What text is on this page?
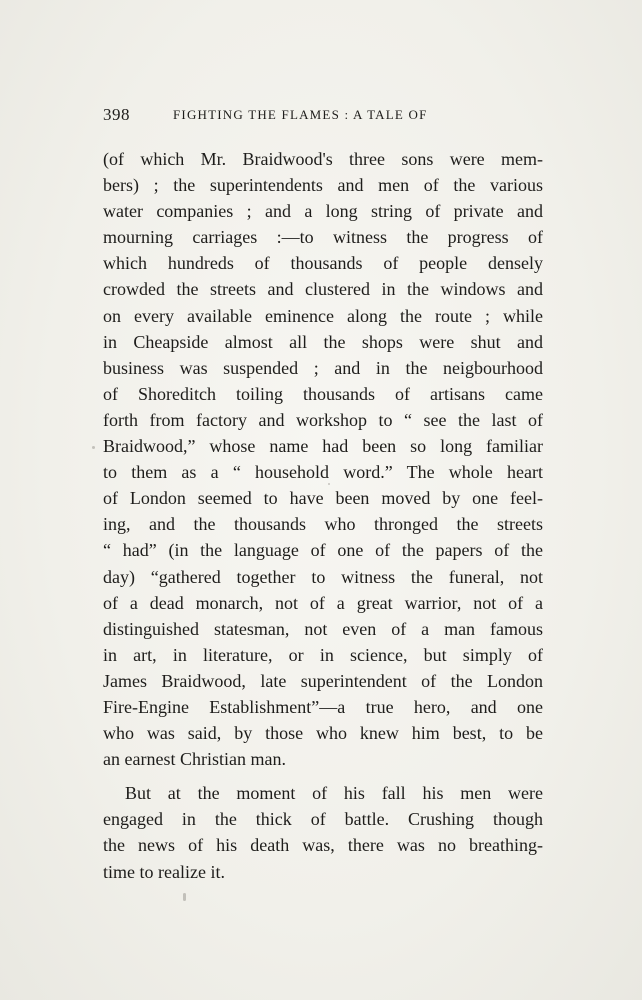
398	FIGHTING THE FLAMES : A TALE OF
(of which Mr. Braidwood's three sons were mem-
bers) ; the superintendents and men of the various
water companies ; and a long string of private and
mourning carriages :—to witness the progress of
which hundreds of thousands of people densely
crowded the streets and clustered in the windows and
on every available eminence along the route ; while
in Cheapside almost all the shops were shut and
business was suspended ; and in the neigbourhood
of Shoreditch toiling thousands of artisans came
forth from factory and workshop to “ see the last of
Braidwood,” whose name had been so long familiar
to them as a “ household word.” The whole heart
of London seemed to have been moved by one feel-
ing, and the thousands who thronged the streets
“ had” (in the language of one of the papers of the
day) “gathered together to witness the funeral, not
of a dead monarch, not of a great warrior, not of a
distinguished statesman, not even of a man famous
in art, in literature, or in science, but simply of
James Braidwood, late superintendent of the London
Fire-Engine Establishment”—a true hero, and one
who was said, by those who knew him best, to be
an earnest Christian man.
But at the moment of his fall his men were
engaged in the thick of battle. Crushing though
the news of his death was, there was no breathing-
time to realize it.
